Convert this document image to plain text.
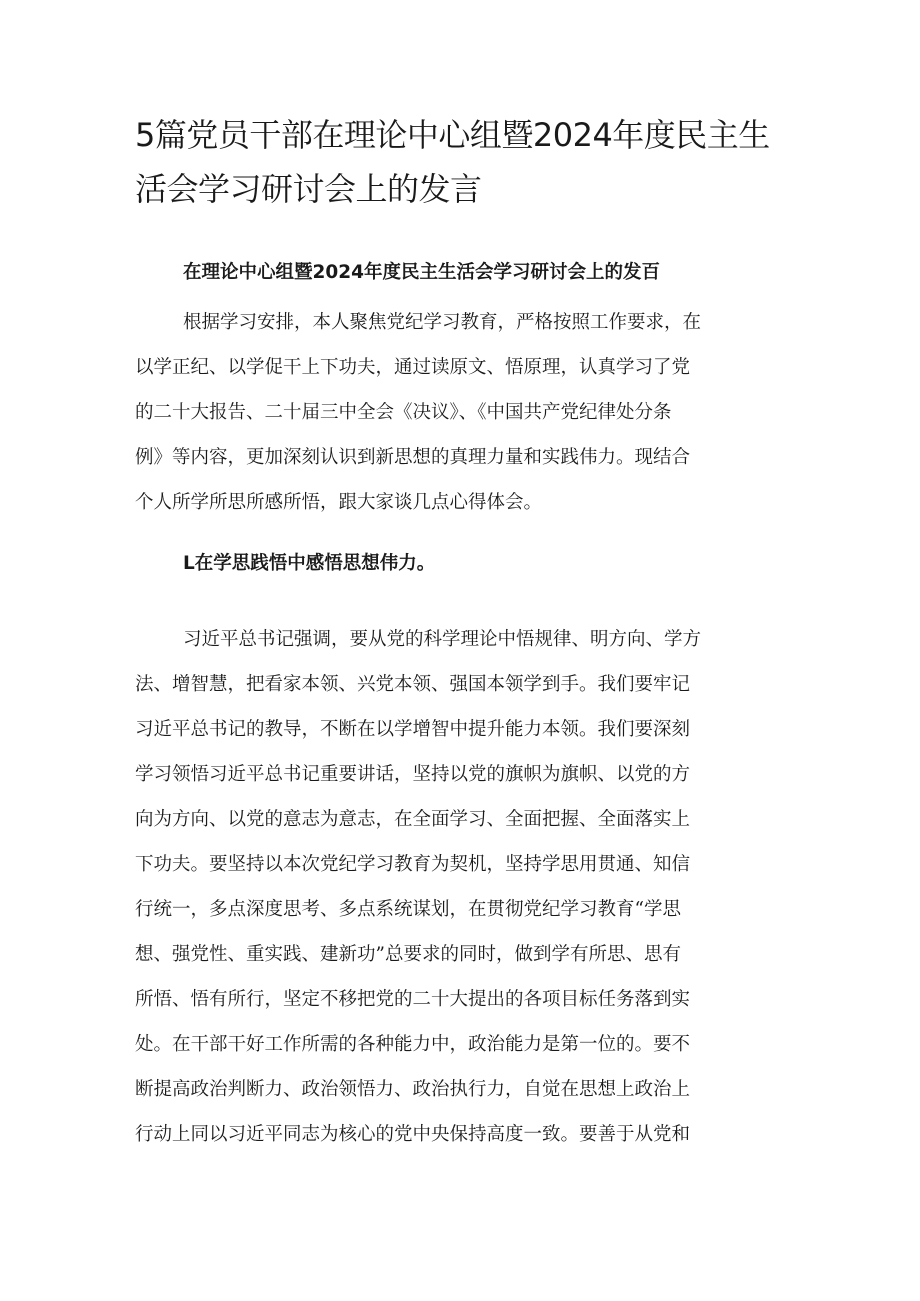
5篇党员干部在理论中心组暨2024年度民主生
活会学习研讨会上的发言
在理论中心组暨2024年度民主生活会学习研讨会上的发百

根据学习安排，本人聚焦党纪学习教育，严格按照工作要求，在
以学正纪、以学促干上下功夫，通过读原文、悟原理，认真学习了党
的二十大报告、二十届三中全会《决议》、《中国共产党纪律处分条
例》等内容，更加深刻认识到新思想的真理力量和实践伟力。现结合
个人所学所思所感所悟，跟大家谈几点心得体会。

L在学思践悟中感悟思想伟力。

习近平总书记强调，要从党的科学理论中悟规律、明方向、学方
法、增智慧，把看家本领、兴党本领、强国本领学到手。我们要牢记
习近平总书记的教导，不断在以学增智中提升能力本领。我们要深刻
学习领悟习近平总书记重要讲话，坚持以党的旗帜为旗帜、以党的方
向为方向、以党的意志为意志，在全面学习、全面把握、全面落实上
下功夫。要坚持以本次党纪学习教育为契机，坚持学思用贯通、知信
行统一，多点深度思考、多点系统谋划，在贯彻党纪学习教育“学思
想、强党性、重实践、建新功”总要求的同时，做到学有所思、思有
所悟、悟有所行，坚定不移把党的二十大提出的各项目标任务落到实
处。在干部干好工作所需的各种能力中，政治能力是第一位的。要不
断提高政治判断力、政治领悟力、政治执行力，自觉在思想上政治上
行动上同以习近平同志为核心的党中央保持高度一致。要善于从党和
